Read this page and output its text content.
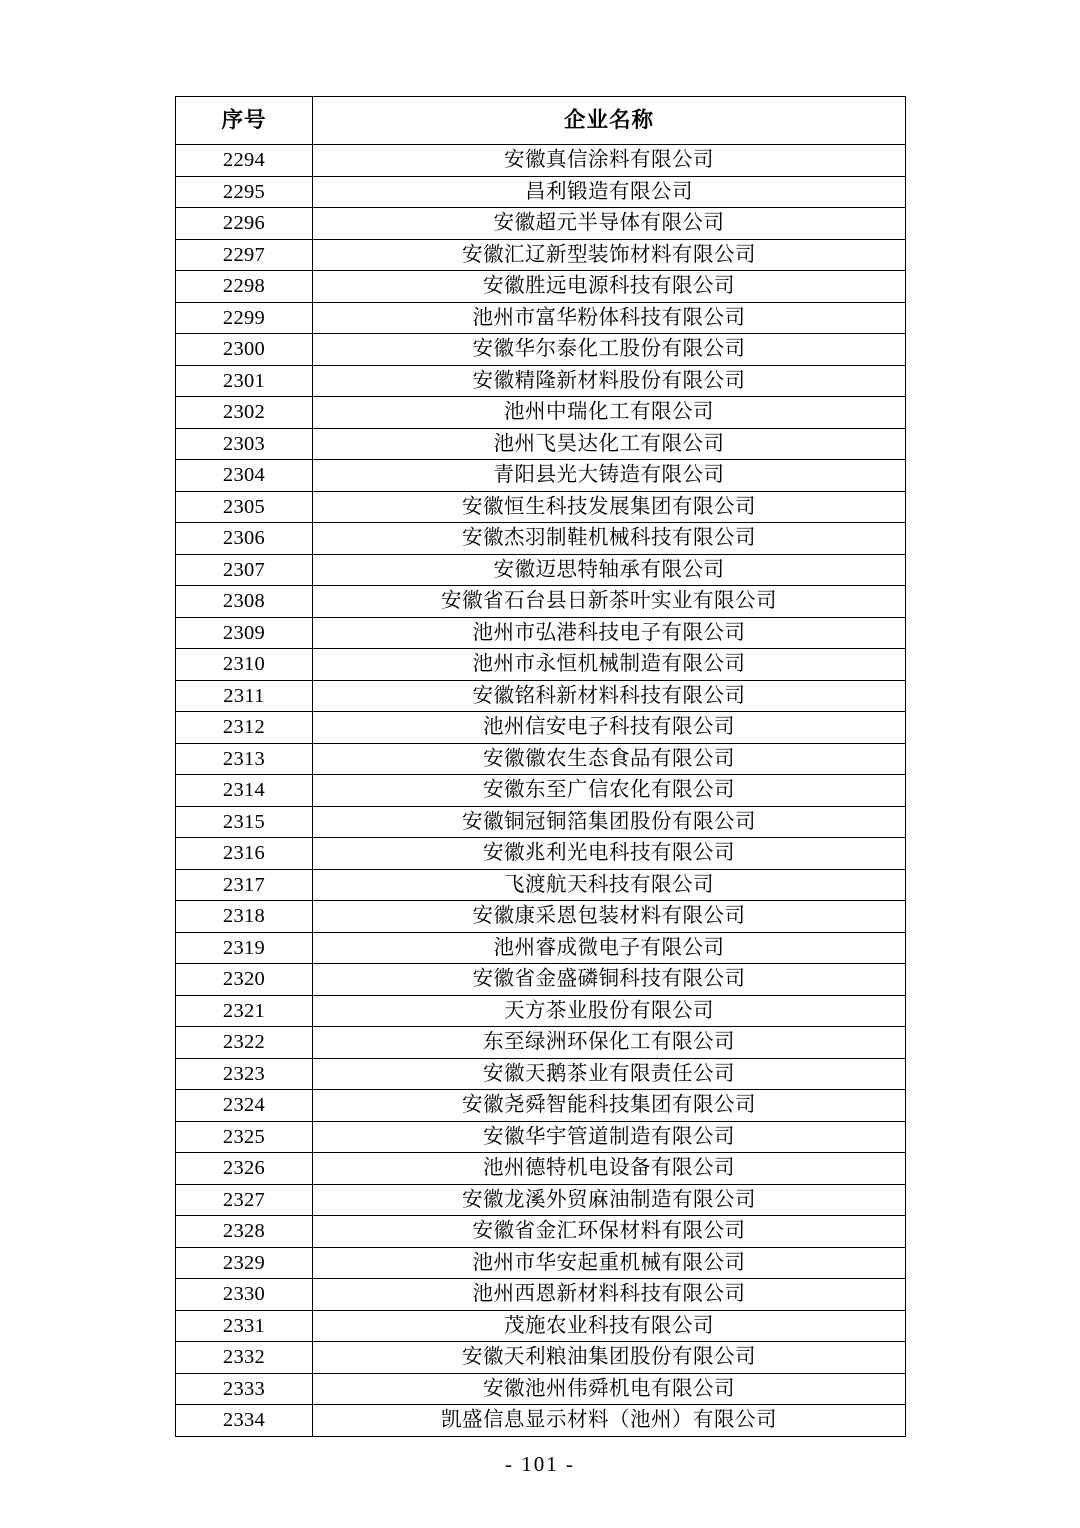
序号	企业名称
2294	安徽真信涂料有限公司
2295	昌利锻造有限公司
2296	安徽超元半导体有限公司
2297	安徽汇辽新型装饰材料有限公司
2298	安徽胜远电源科技有限公司
2299	池州市富华粉体科技有限公司
2300	安徽华尔泰化工股份有限公司
2301	安徽精隆新材料股份有限公司
2302	池州中瑞化工有限公司
2303	池州飞昊达化工有限公司
2304	青阳县光大铸造有限公司
2305	安徽恒生科技发展集团有限公司
2306	安徽杰羽制鞋机械科技有限公司
2307	安徽迈思特轴承有限公司
2308	安徽省石台县日新茶叶实业有限公司
2309	池州市弘港科技电子有限公司
2310	池州市永恒机械制造有限公司
2311	安徽铭科新材料科技有限公司
2312	池州信安电子科技有限公司
2313	安徽徽农生态食品有限公司
2314	安徽东至广信农化有限公司
2315	安徽铜冠铜箔集团股份有限公司
2316	安徽兆利光电科技有限公司
2317	飞渡航天科技有限公司
2318	安徽康采恩包装材料有限公司
2319	池州睿成微电子有限公司
2320	安徽省金盛磷铜科技有限公司
2321	天方茶业股份有限公司
2322	东至绿洲环保化工有限公司
2323	安徽天鹅茶业有限责任公司
2324	安徽尧舜智能科技集团有限公司
2325	安徽华宇管道制造有限公司
2326	池州德特机电设备有限公司
2327	安徽龙溪外贸麻油制造有限公司
2328	安徽省金汇环保材料有限公司
2329	池州市华安起重机械有限公司
2330	池州西恩新材料科技有限公司
2331	茂施农业科技有限公司
2332	安徽天利粮油集团股份有限公司
2333	安徽池州伟舜机电有限公司
2334	凯盛信息显示材料（池州）有限公司
- 101 -
